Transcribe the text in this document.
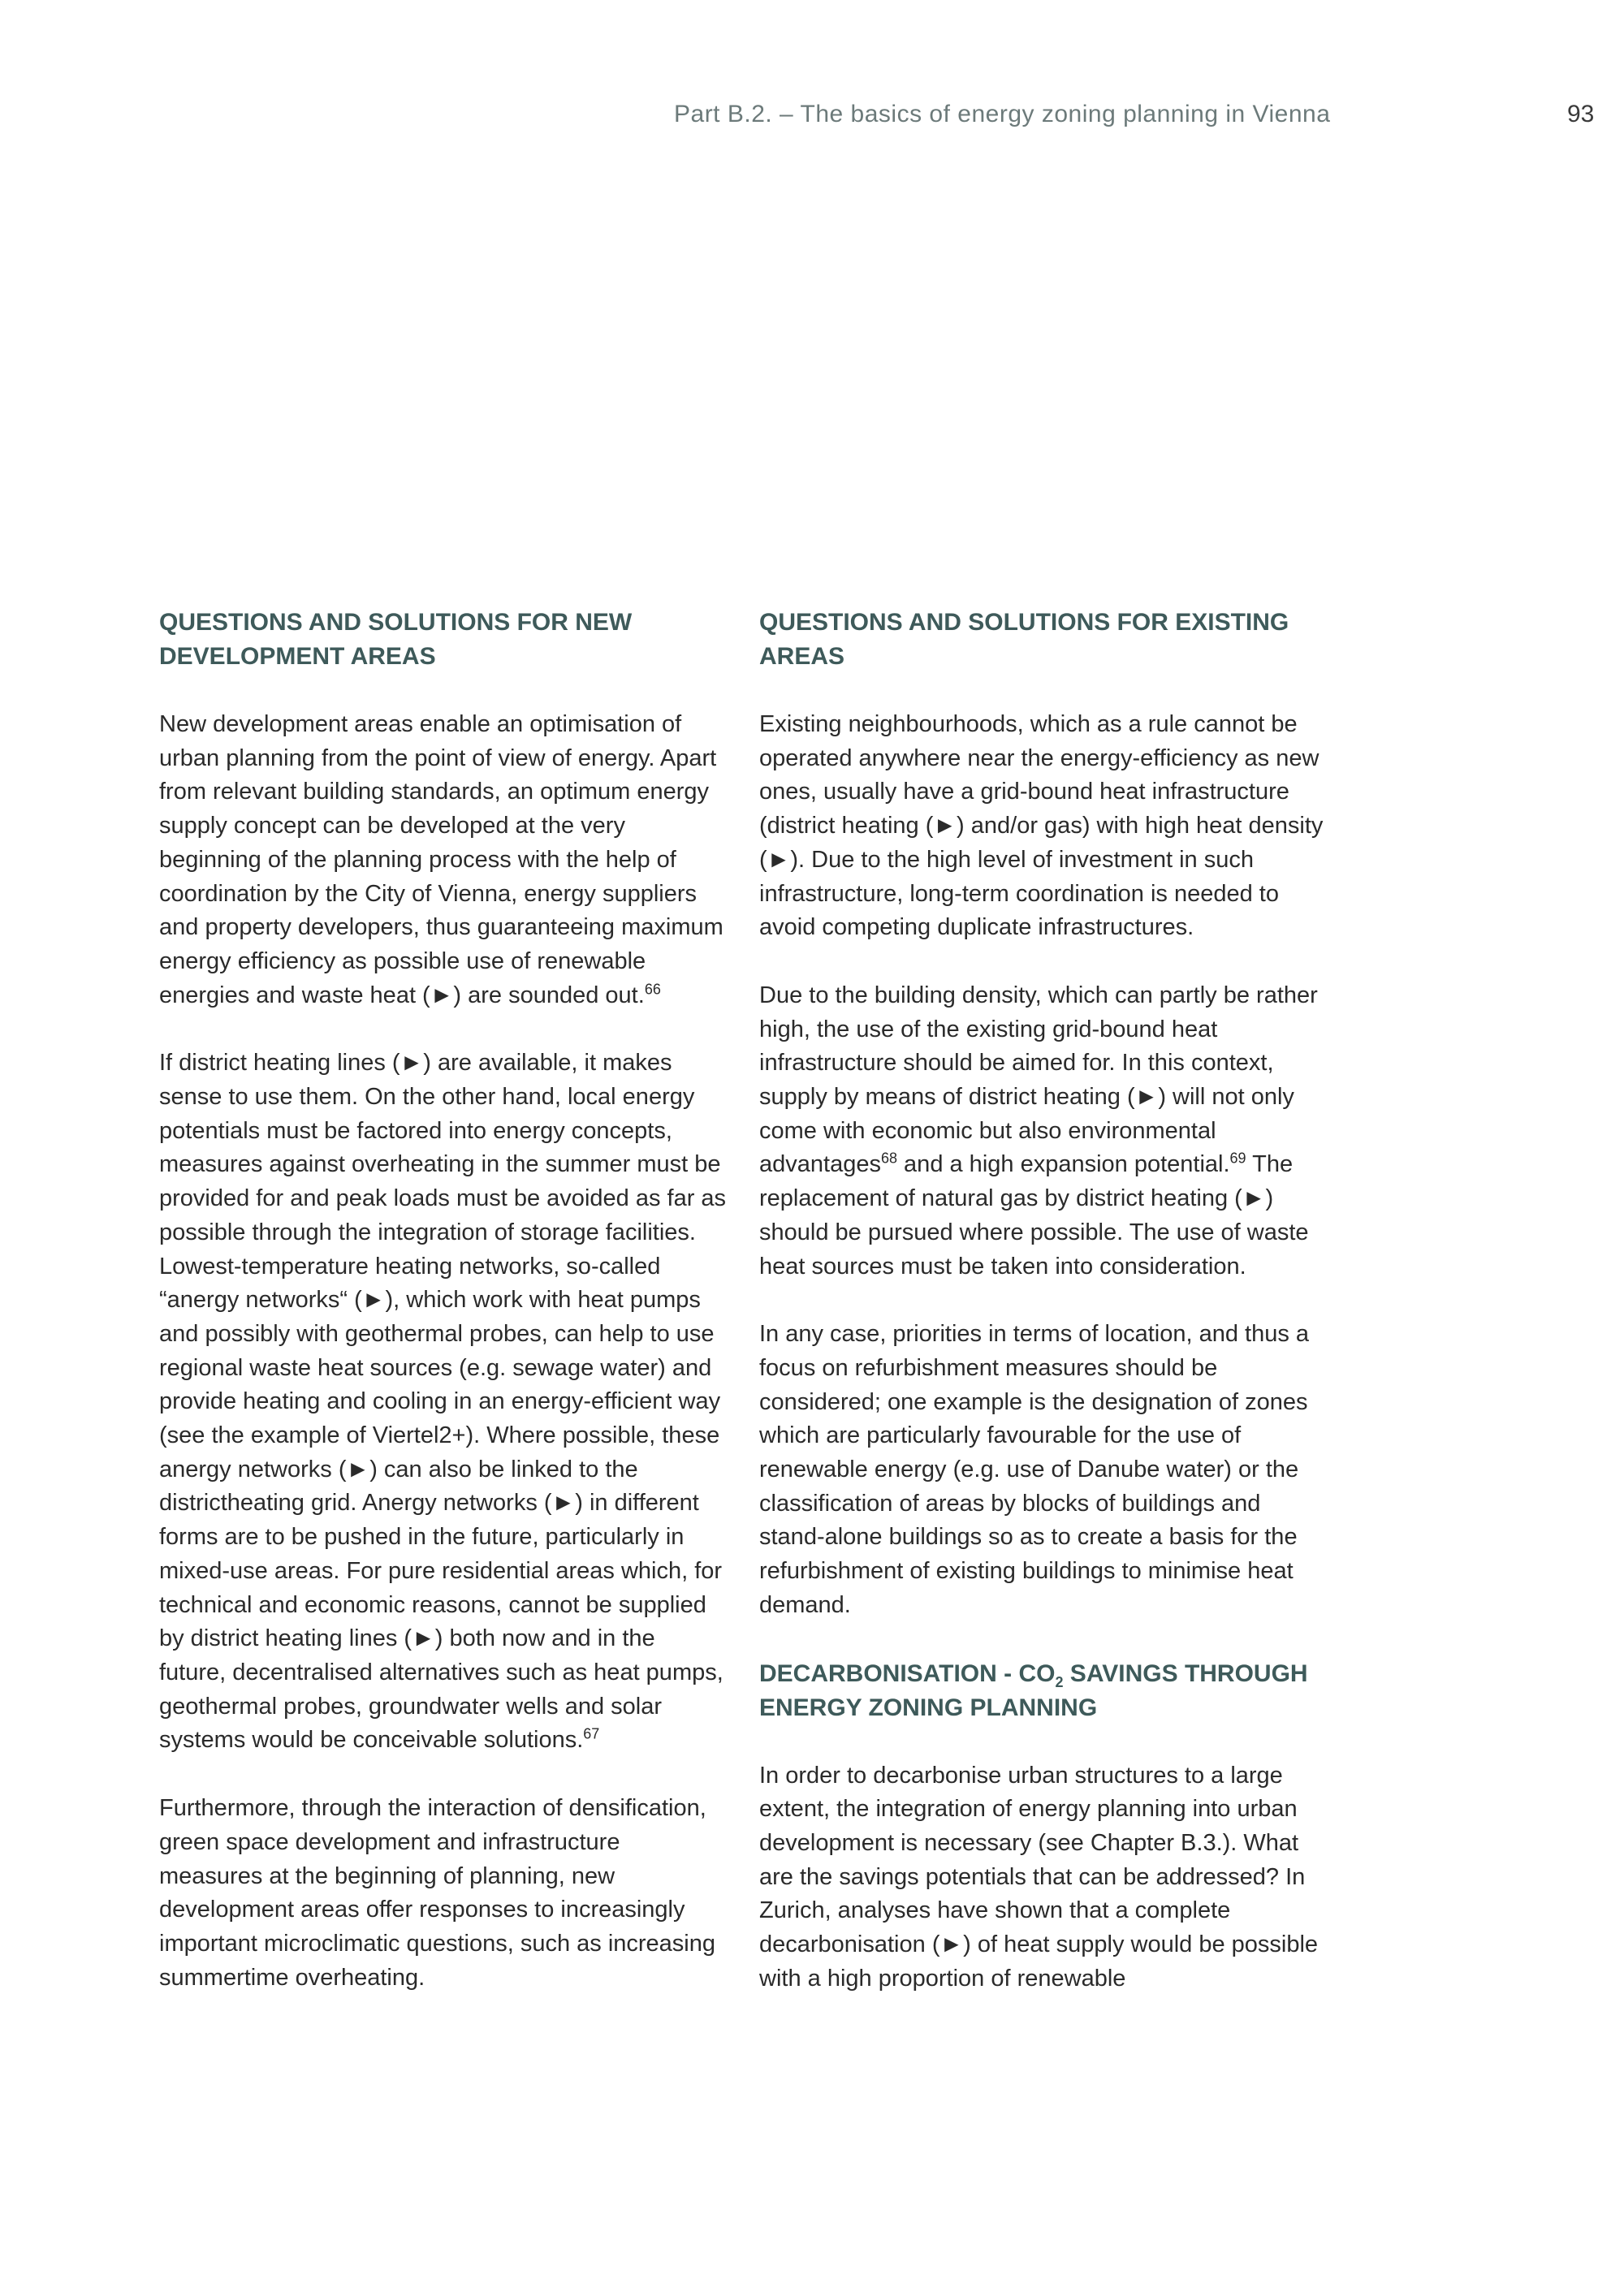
Part B.2. – The basics of energy zoning planning in Vienna	93
QUESTIONS AND SOLUTIONS FOR NEW
DEVELOPMENT AREAS

New development areas enable an optimisation of urban planning from the point of view of energy. Apart from relevant building standards, an optimum energy supply concept can be developed at the very beginning of the planning process with the help of coordination by the City of Vienna, energy suppliers and property developers, thus guaranteeing maximum energy efficiency as possible use of renewable energies and waste heat (►) are sounded out.$^{66}$

If district heating lines (►) are available, it makes sense to use them. On the other hand, local energy potentials must be factored into energy concepts, measures against overheating in the summer must be provided for and peak loads must be avoided as far as possible through the integration of storage facilities. Lowest-temperature heating networks, so-called “anergy networks“ (►), which work with heat pumps and possibly with geothermal probes, can help to use regional waste heat sources (e.g. sewage water) and provide heating and cooling in an energy-efficient way (see the example of Viertel2+). Where possible, these anergy networks (►) can also be linked to the districtheating grid. Anergy networks (►) in different forms are to be pushed in the future, particularly in mixed-use areas. For pure residential areas which, for technical and economic reasons, cannot be supplied by district heating lines (►) both now and in the future, decentralised alternatives such as heat pumps, geothermal probes, groundwater wells and solar systems would be conceivable solutions.$^{67}$

Furthermore, through the interaction of densification, green space development and infrastructure measures at the beginning of planning, new development areas offer responses to increasingly important microclimatic questions, such as increasing summertime overheating.

QUESTIONS AND SOLUTIONS FOR EXISTING
AREAS

Existing neighbourhoods, which as a rule cannot be operated anywhere near the energy-efficiency as new ones, usually have a grid-bound heat infrastructure (district heating (►) and/or gas) with high heat density (►). Due to the high level of investment in such infrastructure, long-term coordination is needed to avoid competing duplicate infrastructures.

Due to the building density, which can partly be rather high, the use of the existing grid-bound heat infrastructure should be aimed for. In this context, supply by means of district heating (►) will not only come with economic but also environmental advantages$^{68}$ and a high expansion potential.$^{69}$ The replacement of natural gas by district heating (►) should be pursued where possible. The use of waste heat sources must be taken into consideration.

In any case, priorities in terms of location, and thus a focus on refurbishment measures should be considered; one example is the designation of zones which are particularly favourable for the use of renewable energy (e.g. use of Danube water) or the classification of areas by blocks of buildings and stand-alone buildings so as to create a basis for the refurbishment of existing buildings to minimise heat demand.

DECARBONISATION - $CO_2$ SAVINGS THROUGH
ENERGY ZONING PLANNING

In order to decarbonise urban structures to a large extent, the integration of energy planning into urban development is necessary (see Chapter B.3.). What are the savings potentials that can be addressed? In Zurich, analyses have shown that a complete decarbonisation (►) of heat supply would be possible with a high proportion of renewable
